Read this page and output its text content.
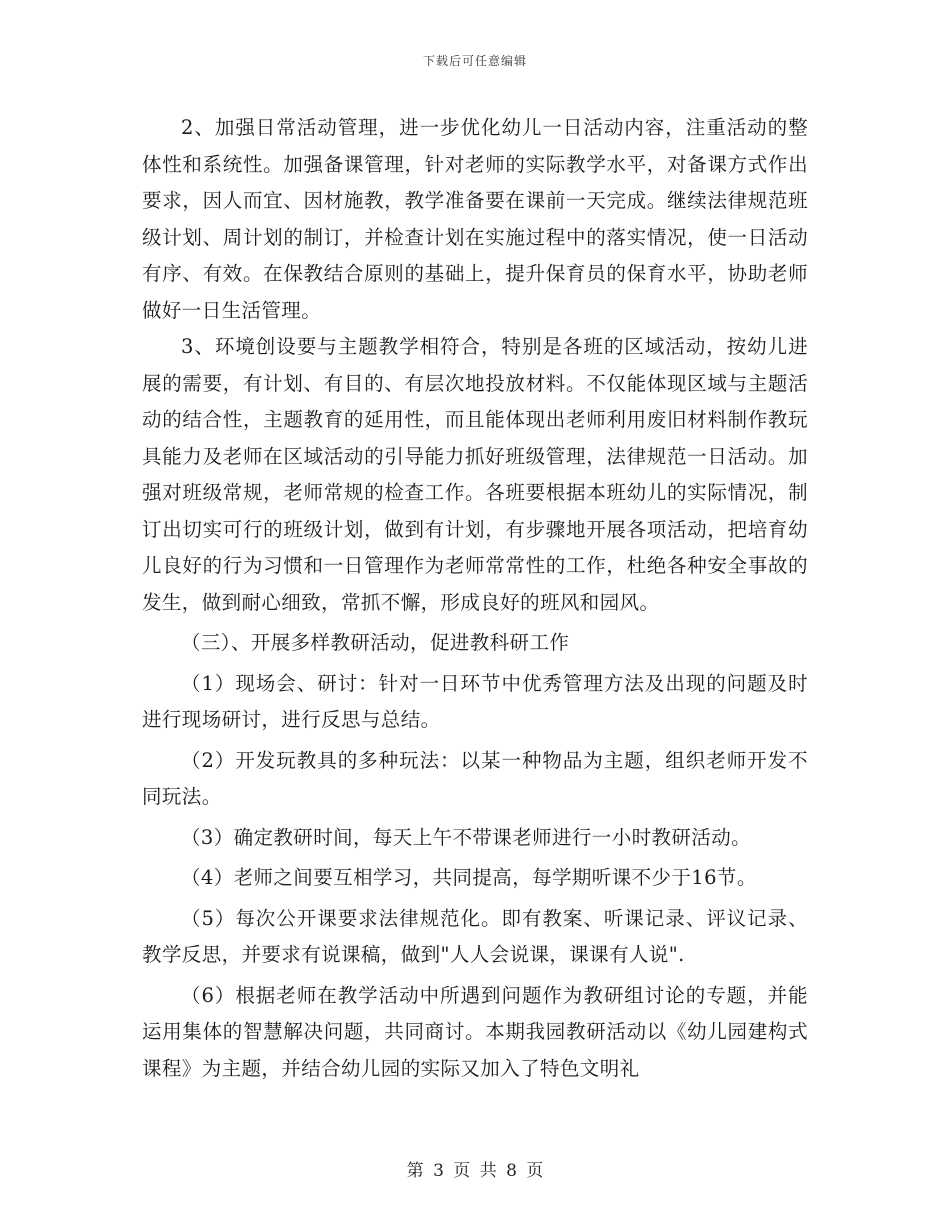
下载后可任意编辑

2、加强日常活动管理，进一步优化幼儿一日活动内容，注重活动的整体性和系统性。加强备课管理，针对老师的实际教学水平，对备课方式作出要求，因人而宜、因材施教，教学准备要在课前一天完成。继续法律规范班级计划、周计划的制订，并检查计划在实施过程中的落实情况，使一日活动有序、有效。在保教结合原则的基础上，提升保育员的保育水平，协助老师做好一日生活管理。

3、环境创设要与主题教学相符合，特别是各班的区域活动，按幼儿进展的需要，有计划、有目的、有层次地投放材料。不仅能体现区域与主题活动的结合性，主题教育的延用性，而且能体现出老师利用废旧材料制作教玩具能力及老师在区域活动的引导能力抓好班级管理，法律规范一日活动。加强对班级常规，老师常规的检查工作。各班要根据本班幼儿的实际情况，制订出切实可行的班级计划，做到有计划，有步骤地开展各项活动，把培育幼儿良好的行为习惯和一日管理作为老师常常性的工作，杜绝各种安全事故的发生，做到耐心细致，常抓不懈，形成良好的班风和园风。

（三）、开展多样教研活动，促进教科研工作

（1）现场会、研讨：针对一日环节中优秀管理方法及出现的问题及时进行现场研讨，进行反思与总结。

（2）开发玩教具的多种玩法：以某一种物品为主题，组织老师开发不同玩法。

（3）确定教研时间，每天上午不带课老师进行一小时教研活动。

（4）老师之间要互相学习，共同提高，每学期听课不少于16节。

（5）每次公开课要求法律规范化。即有教案、听课记录、评议记录、教学反思，并要求有说课稿，做到"人人会说课，课课有人说".

（6）根据老师在教学活动中所遇到问题作为教研组讨论的专题，并能运用集体的智慧解决问题，共同商讨。本期我园教研活动以《幼儿园建构式课程》为主题，并结合幼儿园的实际又加入了特色文明礼

第 3 页 共 8 页
